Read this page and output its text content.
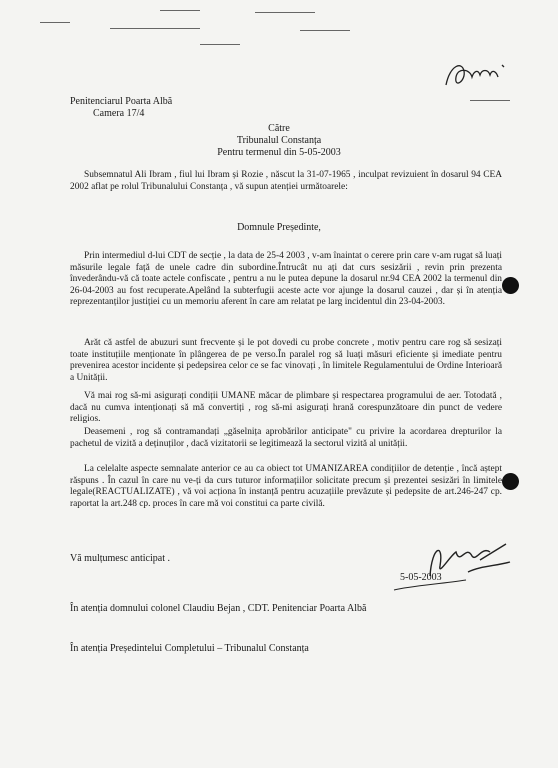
Penitenciarul Poarta Albă
Camera 17/4
Către
Tribunalul Constanța
Pentru termenul din 5-05-2003

Subsemnatul Ali Ibram , fiul lui Ibram și Rozie , născut la 31-07-1965 , inculpat revizuient în dosarul 94 CEA 2002 aflat pe rolul Tribunalului Constanța , vă supun atenției următoarele:

Domnule Președinte,

Prin intermediul d-lui CDT de secție , la data de 25-4 2003 , v-am înaintat o cerere prin care v-am rugat să luați măsurile legale față de unele cadre din subordine.Întrucât nu ați dat curs sesizării , revin prin prezenta învederându-vă că toate actele confiscate , pentru a nu le putea depune la dosarul nr.94 CEA 2002 la termenul din 26-04-2003 au fost recuperate.Apelând la subterfugii aceste acte vor ajunge la dosarul cauzei , dar și în atenția reprezentanților justiției cu un memoriu aferent în care am relatat pe larg incidentul din 23-04-2003.

Arăt că astfel de abuzuri sunt frecvente și le pot dovedi cu probe concrete , motiv pentru care rog să sesizați toate instituțiile menționate în plângerea de pe verso.În paralel rog să luați măsuri eficiente și imediate pentru prevenirea acestor incidente și pedepsirea celor ce se fac vinovați , în limitele Regulamentului de Ordine Interioară a Unității.

Vă mai rog să-mi asigurați condiții UMANE măcar de plimbare și respectarea programului de aer. Totodată , dacă nu cumva intenționați să mă convertiți , rog să-mi asigurați hrană corespunzătoare din punct de vedere religios.

Deasemeni , rog să contramandați „găselnița aprobărilor anticipate" cu privire la acordarea drepturilor la pachetul de vizită a deținuților , dacă vizitatorii se legitimează la sectorul vizită al unității.

La celelalte aspecte semnalate anterior ce au ca obiect tot UMANIZAREA condițiilor de detenție , încă aștept răspuns . În cazul în care nu ve-ți da curs tuturor informațiilor solicitate precum și prezentei sesizări în limitele legale(REACTUALIZATE) , vă voi acționa în instanță pentru acuzațiile prevăzute și pedepsite de art.246-247 cp. raportat la art.248 cp. proces în care mă voi constitui ca parte civilă.

Vă mulțumesc anticipat .
5-05-2003
În atenția domnului colonel Claudiu Bejan , CDT. Penitenciar Poarta Albă
În atenția Președintelui Completului – Tribunalul Constanța
